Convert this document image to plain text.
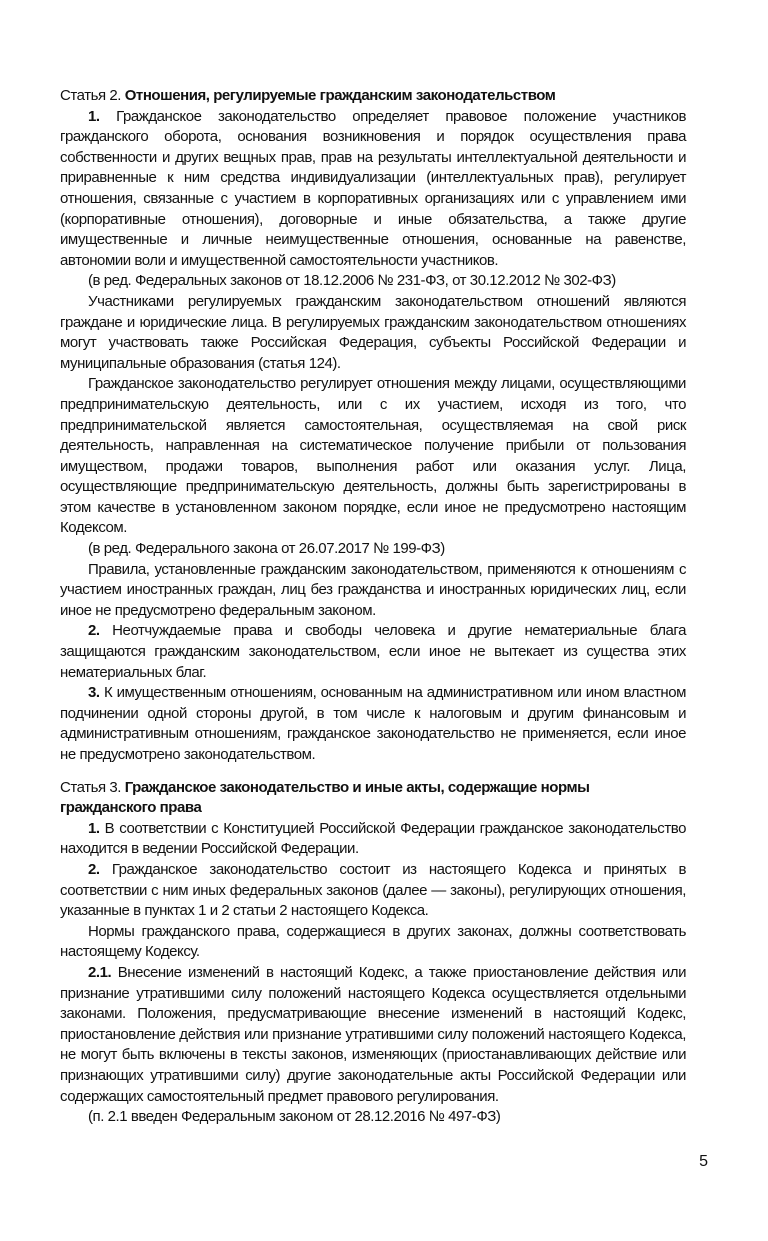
Статья 2. Отношения, регулируемые гражданским законодательством

1. Гражданское законодательство определяет правовое положение участников гражданского оборота, основания возникновения и порядок осуществления права собственности и других вещных прав, прав на результаты интеллектуальной деятельности и приравненные к ним средства индивидуализации (интеллектуальных прав), регулирует отношения, связанные с участием в корпоративных организациях или с управлением ими (корпоративные отношения), договорные и иные обязательства, а также другие имущественные и личные неимущественные отношения, основанные на равенстве, автономии воли и имущественной самостоятельности участников.

(в ред. Федеральных законов от 18.12.2006 № 231-ФЗ, от 30.12.2012 № 302-ФЗ)

Участниками регулируемых гражданским законодательством отношений являются граждане и юридические лица. В регулируемых гражданским законодательством отношениях могут участвовать также Российская Федерация, субъекты Российской Федерации и муниципальные образования (статья 124).

Гражданское законодательство регулирует отношения между лицами, осуществляющими предпринимательскую деятельность, или с их участием, исходя из того, что предпринимательской является самостоятельная, осуществляемая на свой риск деятельность, направленная на систематическое получение прибыли от пользования имуществом, продажи товаров, выполнения работ или оказания услуг. Лица, осуществляющие предпринимательскую деятельность, должны быть зарегистрированы в этом качестве в установленном законом порядке, если иное не предусмотрено настоящим Кодексом.

(в ред. Федерального закона от 26.07.2017 № 199-ФЗ)

Правила, установленные гражданским законодательством, применяются к отношениям с участием иностранных граждан, лиц без гражданства и иностранных юридических лиц, если иное не предусмотрено федеральным законом.

2. Неотчуждаемые права и свободы человека и другие нематериальные блага защищаются гражданским законодательством, если иное не вытекает из существа этих нематериальных благ.

3. К имущественным отношениям, основанным на административном или ином властном подчинении одной стороны другой, в том числе к налоговым и другим финансовым и административным отношениям, гражданское законодательство не применяется, если иное не предусмотрено законодательством.

Статья 3. Гражданское законодательство и иные акты, содержащие нормы гражданского права

1. В соответствии с Конституцией Российской Федерации гражданское законодательство находится в ведении Российской Федерации.

2. Гражданское законодательство состоит из настоящего Кодекса и принятых в соответствии с ним иных федеральных законов (далее — законы), регулирующих отношения, указанные в пунктах 1 и 2 статьи 2 настоящего Кодекса.

Нормы гражданского права, содержащиеся в других законах, должны соответствовать настоящему Кодексу.

2.1. Внесение изменений в настоящий Кодекс, а также приостановление действия или признание утратившими силу положений настоящего Кодекса осуществляется отдельными законами. Положения, предусматривающие внесение изменений в настоящий Кодекс, приостановление действия или признание утратившими силу положений настоящего Кодекса, не могут быть включены в тексты законов, изменяющих (приостанавливающих действие или признающих утратившими силу) другие законодательные акты Российской Федерации или содержащих самостоятельный предмет правового регулирования.

(п. 2.1 введен Федеральным законом от 28.12.2016 № 497-ФЗ)

5
